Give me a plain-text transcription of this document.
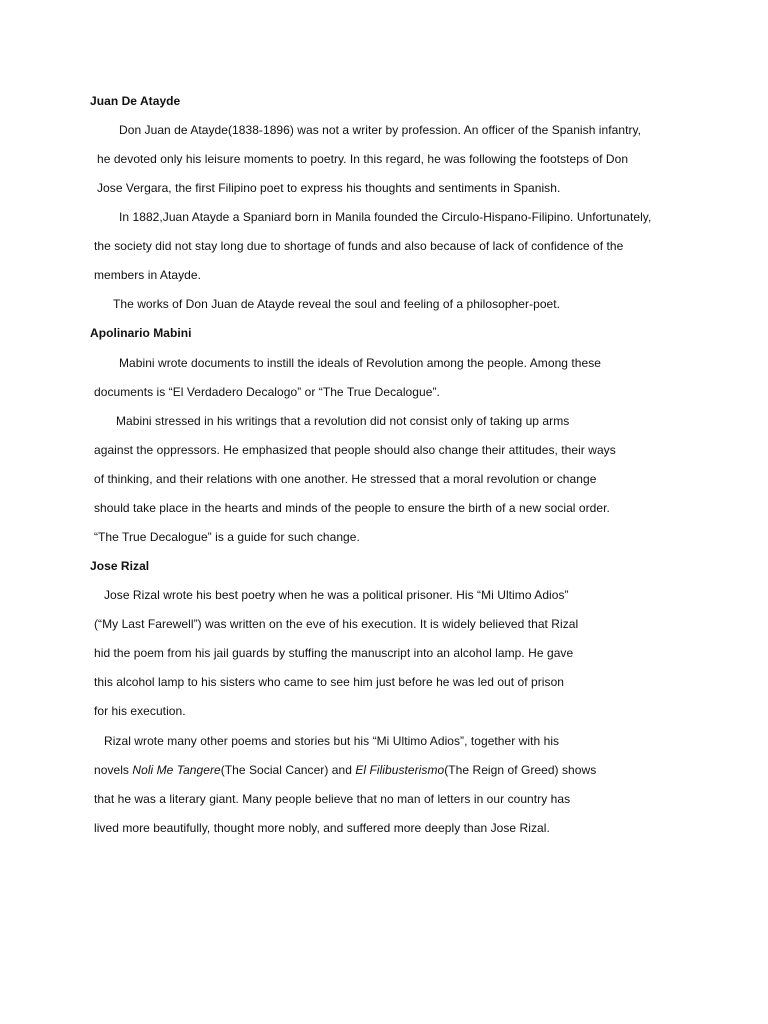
Juan De Atayde
Don Juan de Atayde(1838-1896) was not a writer by profession. An officer of the Spanish infantry,
he devoted only his leisure moments to poetry. In this regard, he was following the footsteps of Don
Jose Vergara, the first Filipino poet to express his thoughts and sentiments in Spanish.
In 1882,Juan Atayde a Spaniard born in Manila founded the Circulo-Hispano-Filipino. Unfortunately,
the society did not stay long due to shortage of funds and also because of lack of confidence of the
members in Atayde.
The works of Don Juan de Atayde reveal the soul and feeling of a philosopher-poet.
Apolinario Mabini
Mabini wrote documents to instill the ideals of Revolution among the people. Among these
documents is “El Verdadero Decalogo” or “The True Decalogue”.
Mabini stressed in his writings that a revolution did not consist only of taking up arms
against the oppressors. He emphasized that people should also change their attitudes, their ways
of thinking, and their relations with one another. He stressed that a moral revolution or change
should take place in the hearts and minds of the people to ensure the birth of a new social order.
“The True Decalogue” is a guide for such change.
Jose Rizal
Jose Rizal wrote his best poetry when he was a political prisoner. His “Mi Ultimo Adios”
(“My Last Farewell”) was written on the eve of his execution. It is widely believed that Rizal
hid the poem from his jail guards by stuffing the manuscript into an alcohol lamp. He gave
this alcohol lamp to his sisters who came to see him just before he was led out of prison
for his execution.
Rizal wrote many other poems and stories but his “Mi Ultimo Adios”, together with his
novels Noli Me Tangere(The Social Cancer) and El Filibusterismo(The Reign of Greed) shows
that he was a literary giant. Many people believe that no man of letters in our country has
lived more beautifully, thought more nobly, and suffered more deeply than Jose Rizal.
